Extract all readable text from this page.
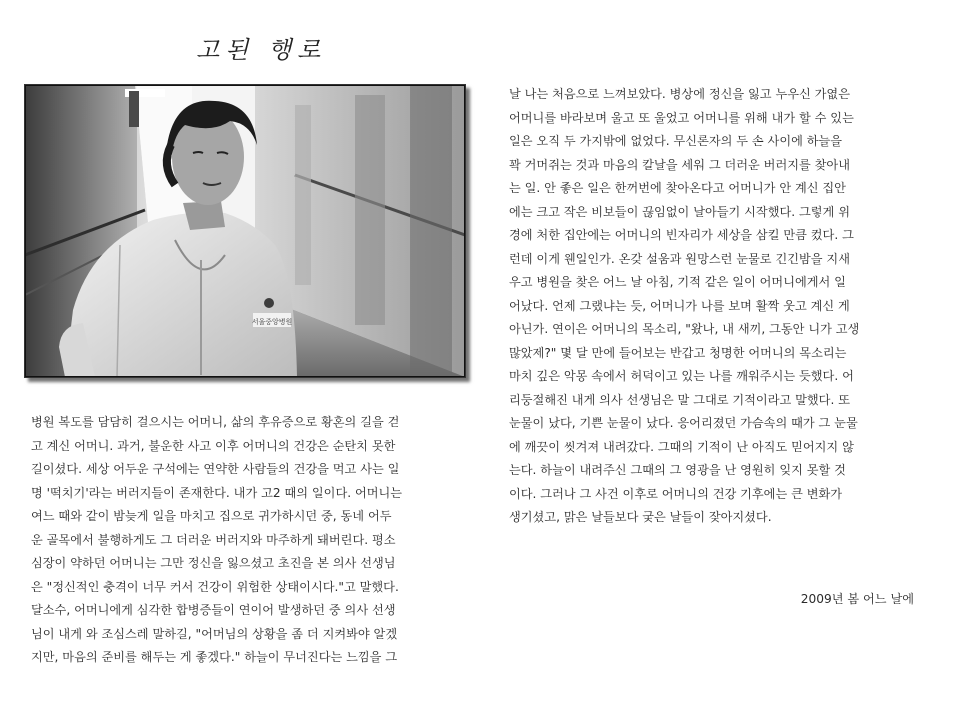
고된 행로
서울중앙병원
병원 복도를 담담히 걸으시는 어머니, 삶의 후유증으로 황혼의 길을 걷
고 계신 어머니. 과거, 불운한 사고 이후 어머니의 건강은 순탄치 못한
길이셨다. 세상 어두운 구석에는 연약한 사람들의 건강을 먹고 사는 일
명 '떡치기'라는 버러지들이 존재한다. 내가 고2 때의 일이다. 어머니는
여느 때와 같이 밤늦게 일을 마치고 집으로 귀가하시던 중, 동네 어두
운 골목에서 불행하게도 그 더러운 버러지와 마주하게 돼버린다. 평소
심장이 약하던 어머니는 그만 정신을 잃으셨고 초진을 본 의사 선생님
은 "정신적인 충격이 너무 커서 건강이 위험한 상태이시다."고 말했다.
달소수, 어머니에게 심각한 합병증들이 연이어 발생하던 중 의사 선생
님이 내게 와 조심스레 말하길, "어머님의 상황을 좀 더 지켜봐야 알겠
지만, 마음의 준비를 해두는 게 좋겠다." 하늘이 무너진다는 느낌을 그
날 나는 처음으로 느껴보았다. 병상에 정신을 잃고 누우신 가엾은
어머니를 바라보며 울고 또 울었고 어머니를 위해 내가 할 수 있는
일은 오직 두 가지밖에 없었다. 무신론자의 두 손 사이에 하늘을
꽉 거머쥐는 것과 마음의 칼날을 세워 그 더러운 버러지를 찾아내
는 일. 안 좋은 일은 한꺼번에 찾아온다고 어머니가 안 계신 집안
에는 크고 작은 비보들이 끊임없이 날아들기 시작했다. 그렇게 위
경에 처한 집안에는 어머니의 빈자리가 세상을 삼킬 만큼 컸다. 그
런데 이게 웬일인가. 온갖 설움과 원망스런 눈물로 긴긴밤을 지새
우고 병원을 찾은 어느 날 아침, 기적 같은 일이 어머니에게서 일
어났다. 언제 그랬냐는 듯, 어머니가 나를 보며 활짝 웃고 계신 게
아닌가. 연이은 어머니의 목소리, "왔나, 내 새끼, 그동안 니가 고생
많았제?" 몇 달 만에 들어보는 반갑고 청명한 어머니의 목소리는
마치 깊은 악몽 속에서 허덕이고 있는 나를 깨워주시는 듯했다. 어
리둥절해진 내게 의사 선생님은 말 그대로 기적이라고 말했다. 또
눈물이 났다, 기쁜 눈물이 났다. 응어리졌던 가슴속의 때가 그 눈물
에 깨끗이 씻겨져 내려갔다. 그때의 기적이 난 아직도 믿어지지 않
는다. 하늘이 내려주신 그때의 그 영광을 난 영원히 잊지 못할 것
이다. 그러나 그 사건 이후로 어머니의 건강 기후에는 큰 변화가
생기셨고, 맑은 날들보다 궂은 날들이 잦아지셨다.
2009년 봄 어느 날에
